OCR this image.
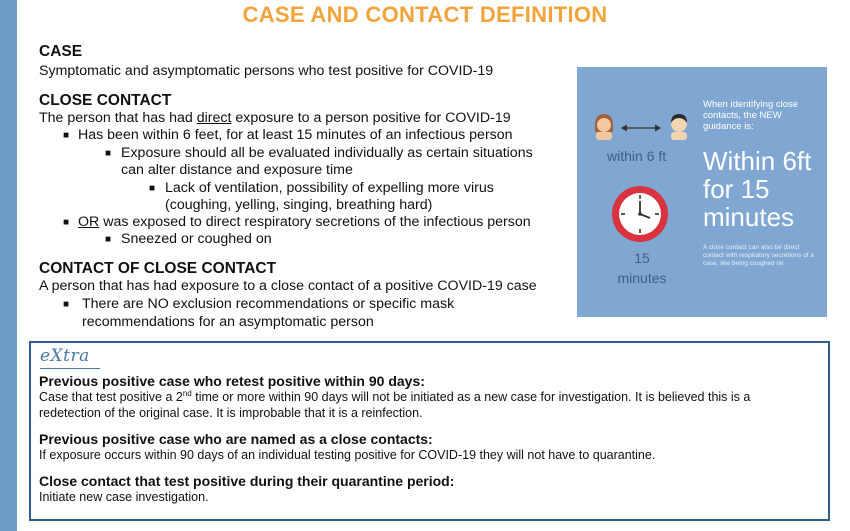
CASE AND CONTACT DEFINITION
CASE
Symptomatic and asymptomatic persons who test positive for COVID-19
CLOSE CONTACT
The person that has had direct exposure to a person positive for COVID-19
■ Has been within 6 feet, for at least 15 minutes of an infectious person
■ Exposure should all be evaluated individually as certain situations
can alter distance and exposure time
■ Lack of ventilation, possibility of expelling more virus
(coughing, yelling, singing, breathing hard)
■ OR was exposed to direct respiratory secretions of the infectious person
■ Sneezed or coughed on
CONTACT OF CLOSE CONTACT
A person that has had exposure to a close contact of a positive COVID-19 case
■ There are NO exclusion recommendations or specific mask
recommendations for an asymptomatic person
within 6 ft
15
minutes
When identifying close contacts, the NEW guidance is:
Within 6ft for 15 minutes
A close contact can also be direct contact with respiratory secretions of a case, like being coughed on
eXtra
Previous positive case who retest positive within 90 days:
Case that test positive a 2nd time or more within 90 days will not be initiated as a new case for investigation. It is believed this is a
redetection of the original case. It is improbable that it is a reinfection.
Previous positive case who are named as a close contacts:
If exposure occurs within 90 days of an individual testing positive for COVID-19 they will not have to quarantine.
Close contact that test positive during their quarantine period:
Initiate new case investigation.
